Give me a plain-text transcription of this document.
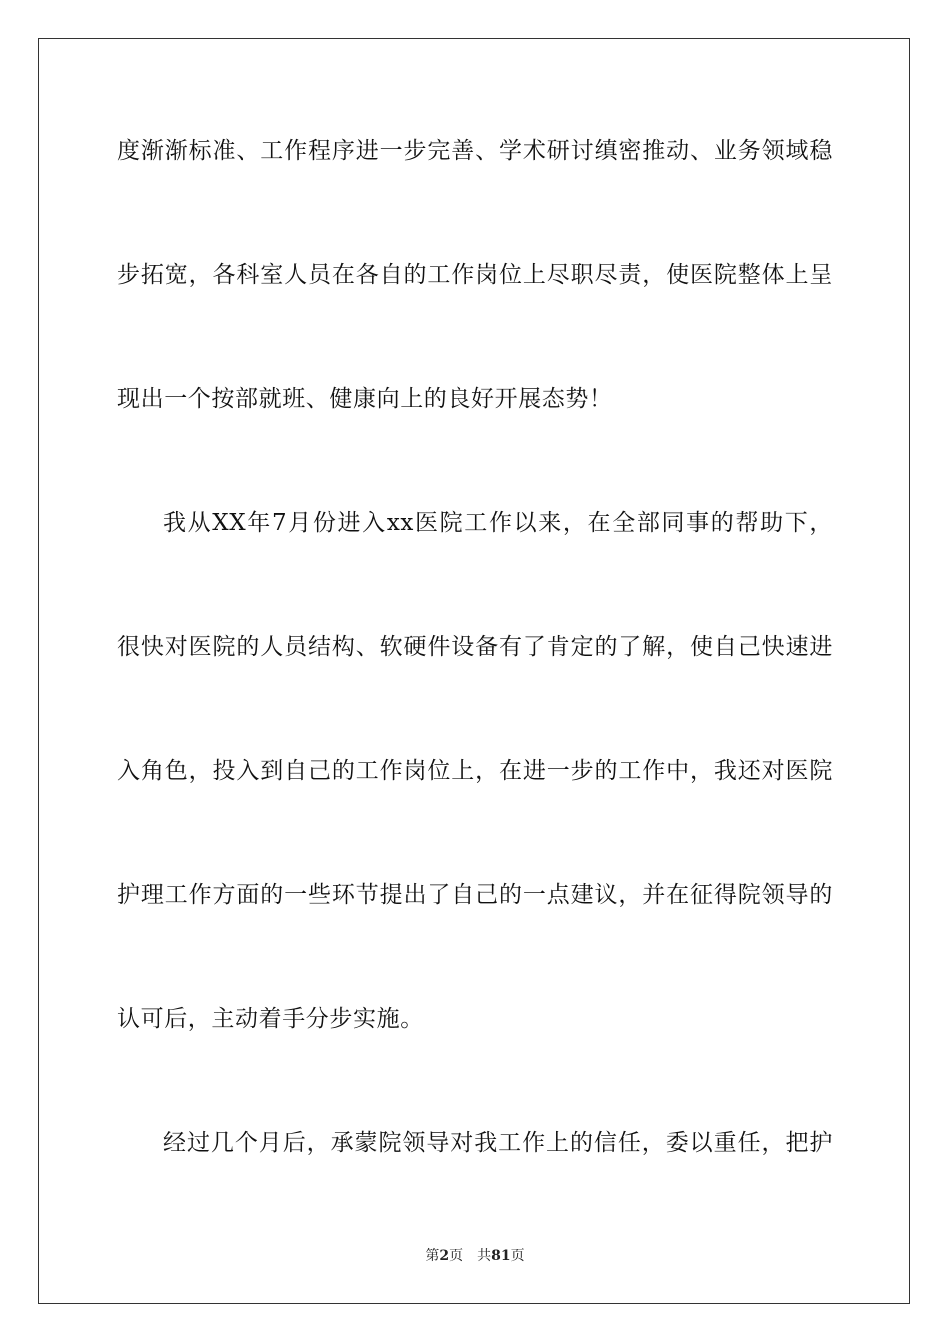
度渐渐标准、工作程序进一步完善、学术研讨缜密推动、业务领域稳
步拓宽，各科室人员在各自的工作岗位上尽职尽责，使医院整体上呈
现出一个按部就班、健康向上的良好开展态势！
我从XX年7月份进入xx医院工作以来，在全部同事的帮助下，
很快对医院的人员结构、软硬件设备有了肯定的了解，使自己快速进
入角色，投入到自己的工作岗位上，在进一步的工作中，我还对医院
护理工作方面的一些环节提出了自己的一点建议，并在征得院领导的
认可后，主动着手分步实施。
经过几个月后，承蒙院领导对我工作上的信任，委以重任，把护
第2页 共81页
